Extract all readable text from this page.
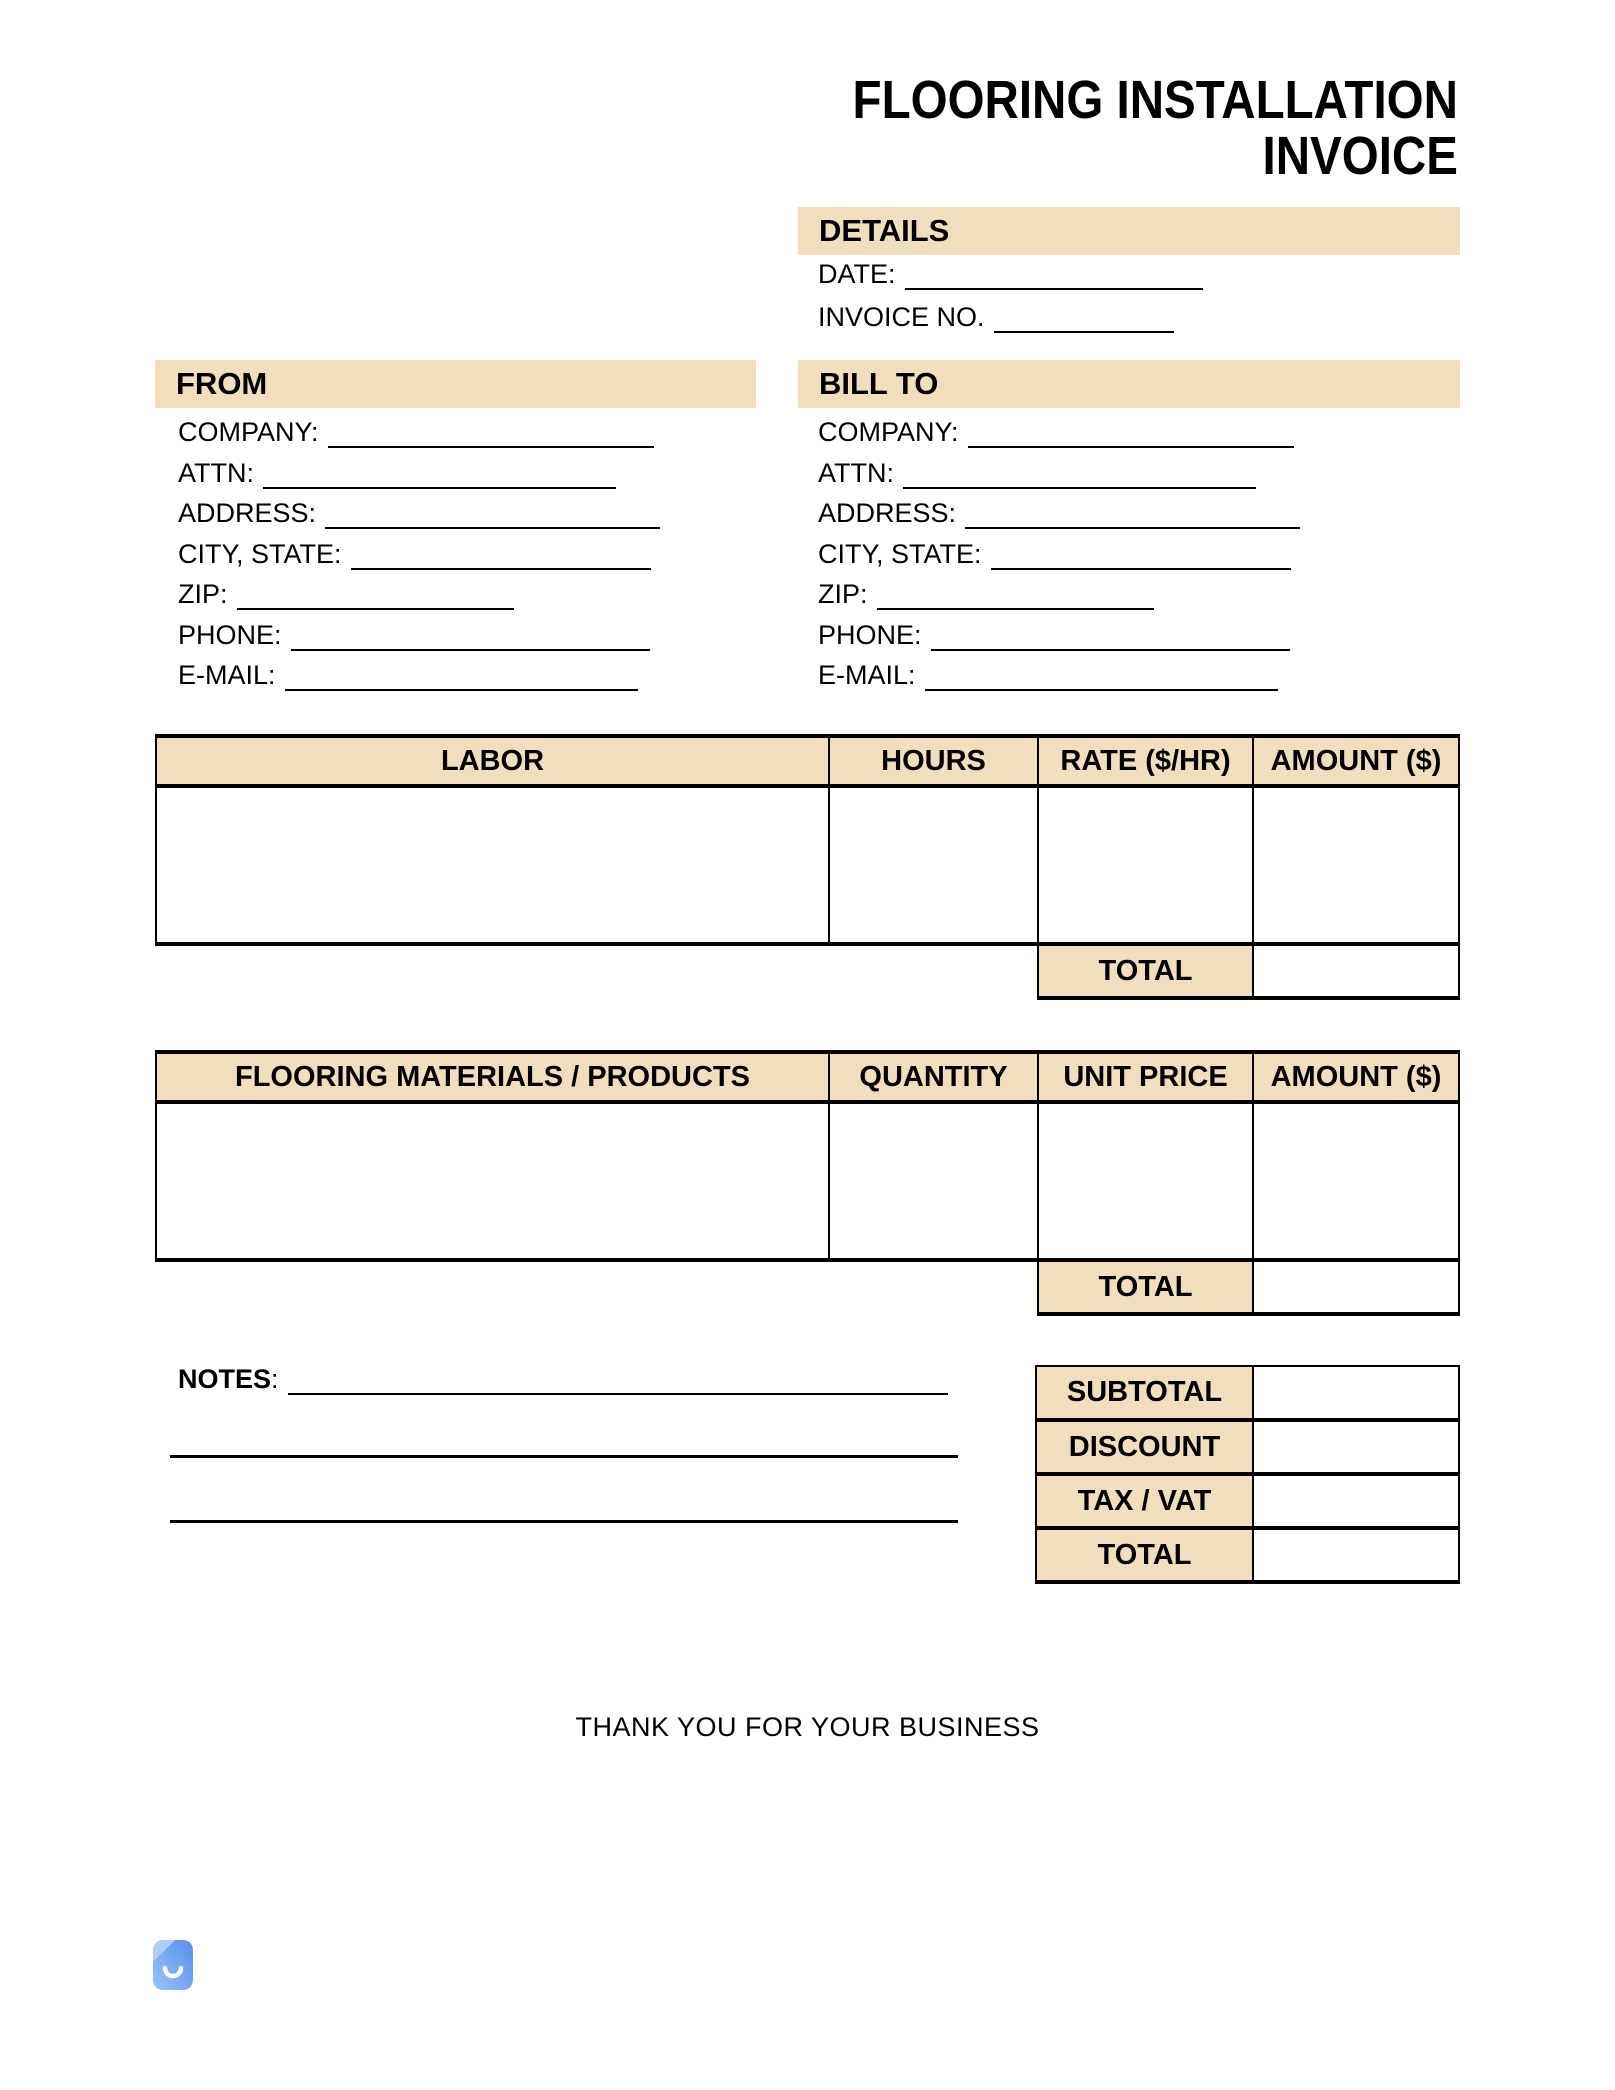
FLOORING INSTALLATION
INVOICE
DETAILS
DATE:
INVOICE NO.
FROM
COMPANY:
ATTN:
ADDRESS:
CITY, STATE:
ZIP:
PHONE:
E-MAIL:
BILL TO
COMPANY:
ATTN:
ADDRESS:
CITY, STATE:
ZIP:
PHONE:
E-MAIL:
LABOR	HOURS	RATE ($/HR)	AMOUNT ($)

		TOTAL	
FLOORING MATERIALS / PRODUCTS	QUANTITY	UNIT PRICE	AMOUNT ($)

		TOTAL	
NOTES:	SUBTOTAL	
DISCOUNT	
TAX / VAT	
TOTAL	
THANK YOU FOR YOUR BUSINESS
